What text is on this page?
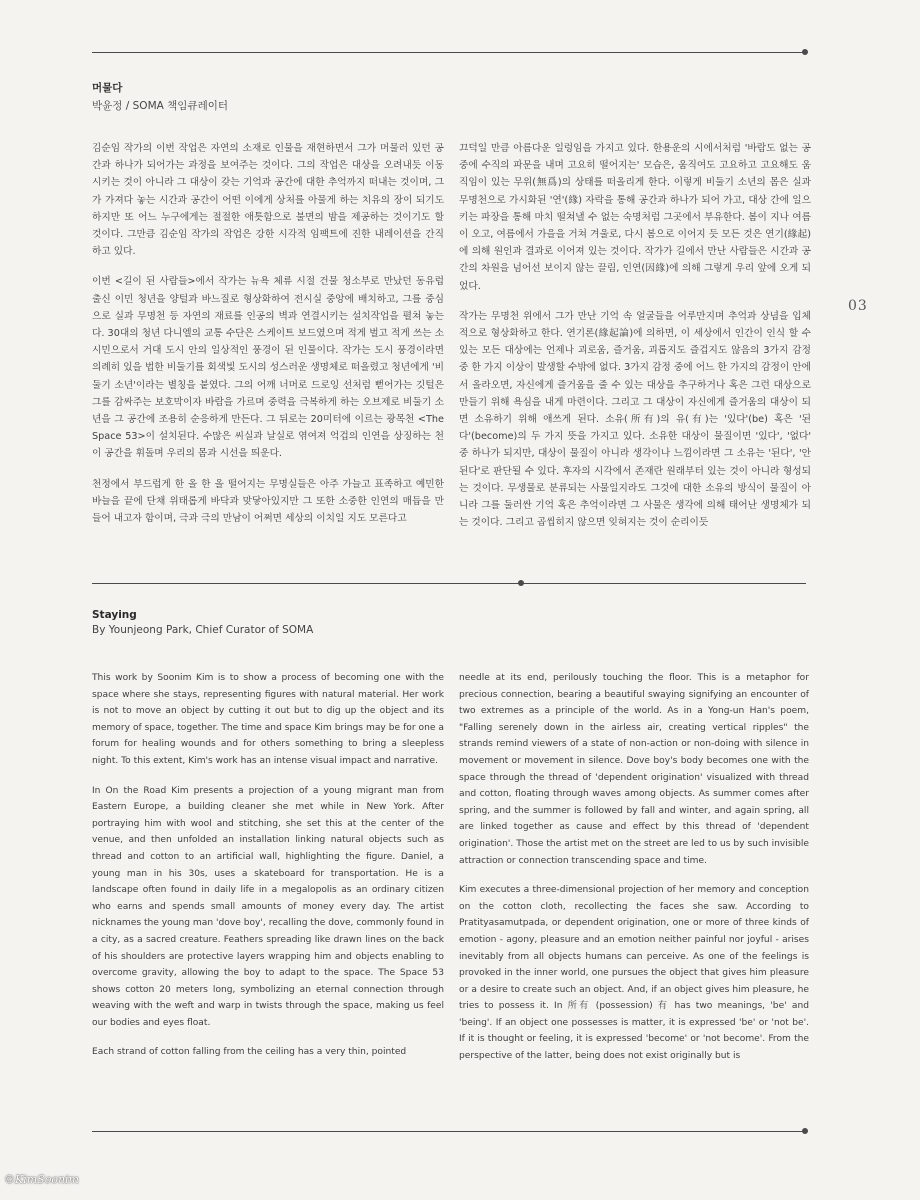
머물다

박윤정 / SOMA 책임큐레이터

김순임 작가의 이번 작업은 자연의 소재로 인물을 재현하면서 그가 머물러 있던 공간과 하나가 되어가는 과정을 보여주는 것이다. 그의 작업은 대상을 오려내듯 이동시키는 것이 아니라 그 대상이 갖는 기억과 공간에 대한 추억까지 떠내는 것이며, 그가 가져다 놓는 시간과 공간이 어떤 이에게 상처를 아물게 하는 치유의 장이 되기도 하지만 또 어느 누구에게는 절절한 애틋함으로 불면의 밤을 제공하는 것이기도 할 것이다. 그만큼 김순임 작가의 작업은 강한 시각적 임팩트에 진한 내레이션을 간직하고 있다.

이번 <길이 된 사람들>에서 작가는 뉴욕 체류 시절 건물 청소부로 만났던 동유럽 출신 이민 청년을 양털과 바느질로 형상화하여 전시실 중앙에 배치하고, 그를 중심으로 실과 무명천 등 자연의 재료를 인공의 벽과 연결시키는 설치작업을 펼쳐 놓는다. 30대의 청년 다니엘의 교통 수단은 스케이트 보드였으며 적게 벌고 적게 쓰는 소시민으로서 거대 도시 안의 일상적인 풍경이 된 인물이다. 작가는 도시 풍경이라면 의례히 있을 법한 비둘기를 회색빛 도시의 성스러운 생명체로 떠올렸고 청년에게 '비둘기 소년'이라는 별칭을 붙였다. 그의 어깨 너머로 드로잉 선처럼 뻗어가는 깃털은 그를 감싸주는 보호막이자 바람을 가르며 중력을 극복하게 하는 오브제로 비둘기 소년을 그 공간에 조용히 순응하게 만든다. 그 뒤로는 20미터에 이르는 광목천 <The Space 53>이 설치된다. 수많은 씨실과 날실로 엮여져 억겁의 인연을 상징하는 천이 공간을 휘돌며 우리의 몸과 시선을 띄운다.

천정에서 부드럽게 한 올 한 올 떨어지는 무명실들은 아주 가늘고 표족하고 예민한 바늘을 끝에 단채 위태롭게 바닥과 맞닿아있지만 그 또한 소중한 인연의 매듭을 만들어 내고자 함이며, 극과 극의 만남이 어쩌면 세상의 이치일 지도 모른다고

끄덕일 만큼 아름다운 일렁임을 가지고 있다. 한용운의 시에서처럼 '바람도 없는 공중에 수직의 파문을 내며 고요히 떨어지는' 모습은, 움직여도 고요하고 고요해도 움직임이 있는 무위(無爲)의 상태를 떠올리게 한다. 이렇게 비둘기 소년의 몸은 실과 무명천으로 가시화된 '연'(緣) 자락을 통해 공간과 하나가 되어 가고, 대상 간에 일으키는 파장을 통해 마치 떨쳐낼 수 없는 숙명처럼 그곳에서 부유한다. 봄이 지나 여름이 오고, 여름에서 가을을 거쳐 겨울로, 다시 봄으로 이어지 듯 모든 것은 연기(緣起)에 의해 원인과 결과로 이어져 있는 것이다. 작가가 길에서 만난 사람들은 시간과 공간의 차원을 넘어선 보이지 않는 끌림, 인연(因緣)에 의해 그렇게 우리 앞에 오게 되었다.

작가는 무명천 위에서 그가 만난 기억 속 얼굴들을 어루만지며 추억과 상념을 입체적으로 형상화하고 한다. 연기론(緣起論)에 의하면, 이 세상에서 인간이 인식 할 수 있는 모든 대상에는 언제나 괴로움, 즐거움, 괴롭지도 즐겁지도 않음의 3가지 감정 중 한 가지 이상이 발생할 수밖에 없다. 3가지 감정 중에 어느 한 가지의 감정이 안에서 올라오면, 자신에게 즐거움을 줄 수 있는 대상을 추구하거나 혹은 그런 대상으로 만들기 위해 욕심을 내게 마련이다. 그리고 그 대상이 자신에게 즐거움의 대상이 되면 소유하기 위해 애쓰게 된다. 소유(所有)의 유(有)는 '있다'(be) 혹은 '된다'(become)의 두 가지 뜻을 가지고 있다. 소유한 대상이 물질이면 '있다', '없다' 중 하나가 되지만, 대상이 물질이 아니라 생각이나 느낌이라면 그 소유는 '된다', '안 된다'로 판단될 수 있다. 후자의 시각에서 존재란 원래부터 있는 것이 아니라 형성되는 것이다. 무생물로 분류되는 사물일지라도 그것에 대한 소유의 방식이 물질이 아니라 그를 둘러싼 기억 혹은 추억이라면 그 사물은 생각에 의해 태어난 생명체가 되는 것이다. 그리고 곱씹히지 않으면 잊혀지는 것이 순리이듯

03

Staying

By Younjeong Park, Chief Curator of SOMA

This work by Soonim Kim is to show a process of becoming one with the space where she stays, representing figures with natural material. Her work is not to move an object by cutting it out but to dig up the object and its memory of space, together. The time and space Kim brings may be for one a forum for healing wounds and for others something to bring a sleepless night. To this extent, Kim's work has an intense visual impact and narrative.

In On the Road Kim presents a projection of a young migrant man from Eastern Europe, a building cleaner she met while in New York. After portraying him with wool and stitching, she set this at the center of the venue, and then unfolded an installation linking natural objects such as thread and cotton to an artificial wall, highlighting the figure. Daniel, a young man in his 30s, uses a skateboard for transportation. He is a landscape often found in daily life in a megalopolis as an ordinary citizen who earns and spends small amounts of money every day. The artist nicknames the young man 'dove boy', recalling the dove, commonly found in a city, as a sacred creature. Feathers spreading like drawn lines on the back of his shoulders are protective layers wrapping him and objects enabling to overcome gravity, allowing the boy to adapt to the space. The Space 53 shows cotton 20 meters long, symbolizing an eternal connection through weaving with the weft and warp in twists through the space, making us feel our bodies and eyes float.

Each strand of cotton falling from the ceiling has a very thin, pointed

needle at its end, perilously touching the floor. This is a metaphor for precious connection, bearing a beautiful swaying signifying an encounter of two extremes as a principle of the world. As in a Yong-un Han's poem, "Falling serenely down in the airless air, creating vertical ripples" the strands remind viewers of a state of non-action or non-doing with silence in movement or movement in silence. Dove boy's body becomes one with the space through the thread of 'dependent origination' visualized with thread and cotton, floating through waves among objects. As summer comes after spring, and the summer is followed by fall and winter, and again spring, all are linked together as cause and effect by this thread of 'dependent origination'. Those the artist met on the street are led to us by such invisible attraction or connection transcending space and time.

Kim executes a three-dimensional projection of her memory and conception on the cotton cloth, recollecting the faces she saw. According to Pratityasamutpada, or dependent origination, one or more of three kinds of emotion - agony, pleasure and an emotion neither painful nor joyful - arises inevitably from all objects humans can perceive. As one of the feelings is provoked in the inner world, one pursues the object that gives him pleasure or a desire to create such an object. And, if an object gives him pleasure, he tries to possess it. In 所有 (possession) 有 has two meanings, 'be' and 'being'. If an object one possesses is matter, it is expressed 'be' or 'not be'. If it is thought or feeling, it is expressed 'become' or 'not become'. From the perspective of the latter, being does not exist originally but is

©KimSoonim
